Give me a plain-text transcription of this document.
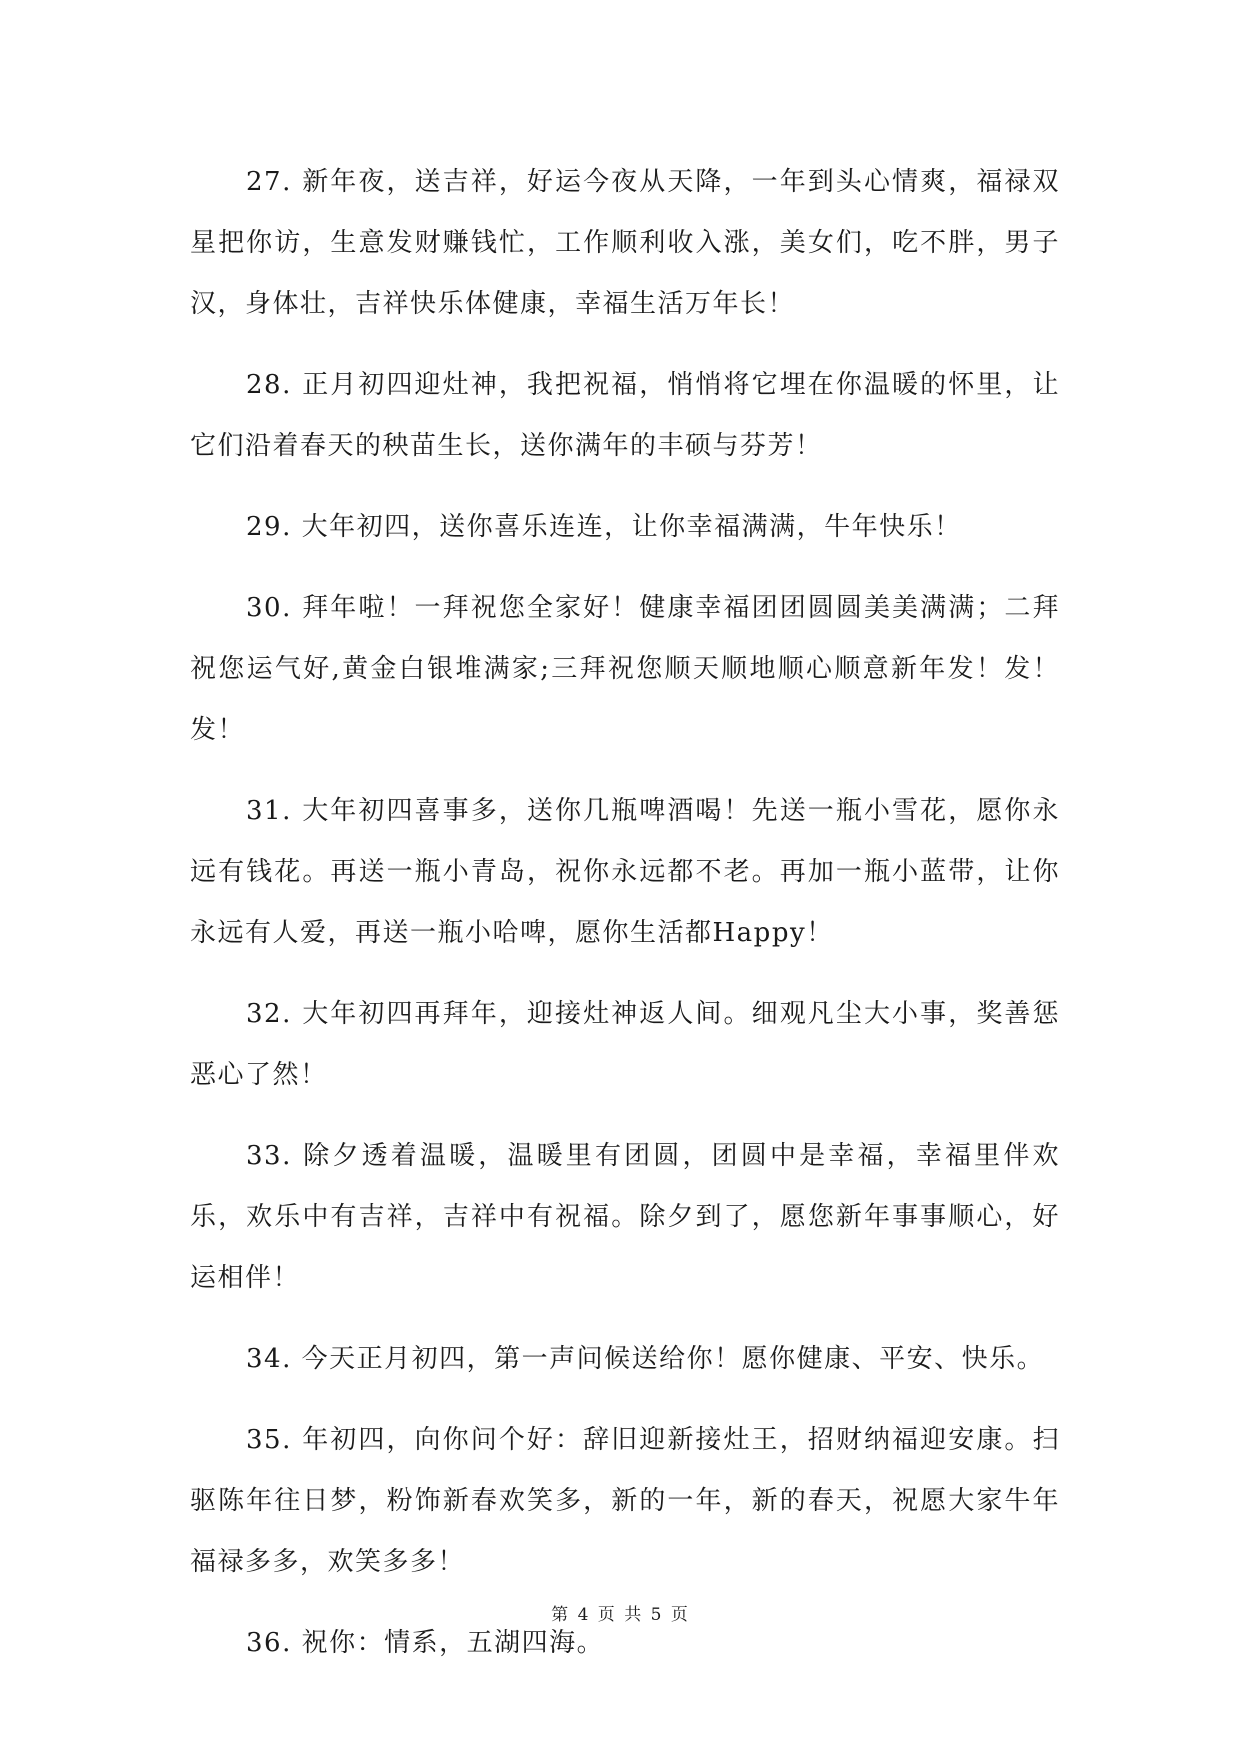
27. 新年夜，送吉祥，好运今夜从天降，一年到头心情爽，福禄双星把你访，生意发财赚钱忙，工作顺利收入涨，美女们，吃不胖，男子汉，身体壮，吉祥快乐体健康，幸福生活万年长！

28. 正月初四迎灶神，我把祝福，悄悄将它埋在你温暖的怀里，让它们沿着春天的秧苗生长，送你满年的丰硕与芬芳！

29. 大年初四，送你喜乐连连，让你幸福满满，牛年快乐！

30. 拜年啦！一拜祝您全家好！健康幸福团团圆圆美美满满；二拜祝您运气好,黄金白银堆满家;三拜祝您顺天顺地顺心顺意新年发！发！发！

31. 大年初四喜事多，送你几瓶啤酒喝！先送一瓶小雪花，愿你永远有钱花。再送一瓶小青岛，祝你永远都不老。再加一瓶小蓝带，让你永远有人爱，再送一瓶小哈啤，愿你生活都Happy！

32. 大年初四再拜年，迎接灶神返人间。细观凡尘大小事，奖善惩恶心了然！

33. 除夕透着温暖，温暖里有团圆，团圆中是幸福，幸福里伴欢乐，欢乐中有吉祥，吉祥中有祝福。除夕到了，愿您新年事事顺心，好运相伴！

34. 今天正月初四，第一声问候送给你！愿你健康、平安、快乐。

35. 年初四，向你问个好：辞旧迎新接灶王，招财纳福迎安康。扫驱陈年往日梦，粉饰新春欢笑多，新的一年，新的春天，祝愿大家牛年福禄多多，欢笑多多！

36. 祝你：情系，五湖四海。

第 4 页 共 5 页
